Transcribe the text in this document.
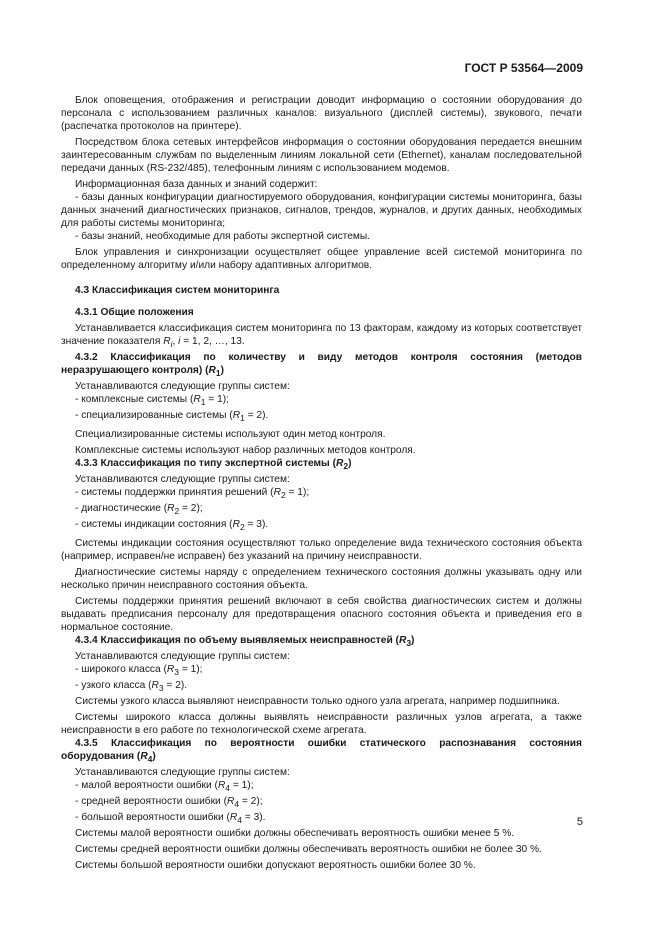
ГОСТ Р 53564—2009

Блок оповещения, отображения и регистрации доводит информацию о состоянии оборудования до персонала с использованием различных каналов: визуального (дисплей системы), звукового, печати (распечатка протоколов на принтере).

Посредством блока сетевых интерфейсов информация о состоянии оборудования передается внешним заинтересованным службам по выделенным линиям локальной сети (Ethernet), каналам последовательной передачи данных (RS-232/485), телефонным линиям с использованием модемов.

Информационная база данных и знаний содержит:

- базы данных конфигурации диагностируемого оборудования, конфигурации системы мониторинга, базы данных значений диагностических признаков, сигналов, трендов, журналов, и других данных, необходимых для работы системы мониторинга;

- базы знаний, необходимые для работы экспертной системы.

Блок управления и синхронизации осуществляет общее управление всей системой мониторинга по определенному алгоритму и/или набору адаптивных алгоритмов.

4.3 Классификация систем мониторинга

4.3.1 Общие положения

Устанавливается классификация систем мониторинга по 13 факторам, каждому из которых соответствует значение показателя $R_i$, i = 1, 2, …, 13.

4.3.2 Классификация по количеству и виду методов контроля состояния (методов неразрушающего контроля) $(R_1)$

Устанавливаются следующие группы систем:

- комплексные системы $(R_1 = 1)$;

- специализированные системы $(R_1 = 2)$.

Специализированные системы используют один метод контроля.

Комплексные системы используют набор различных методов контроля.

4.3.3 Классификация по типу экспертной системы $(R_2)$

Устанавливаются следующие группы систем:

- системы поддержки принятия решений $(R_2 = 1)$;

- диагностические $(R_2 = 2)$;

- системы индикации состояния $(R_2 = 3)$.

Системы индикации состояния осуществляют только определение вида технического состояния объекта (например, исправен/не исправен) без указаний на причину неисправности.

Диагностические системы наряду с определением технического состояния должны указывать одну или несколько причин неисправного состояния объекта.

Системы поддержки принятия решений включают в себя свойства диагностических систем и должны выдавать предписания персоналу для предотвращения опасного состояния объекта и приведения его в нормальное состояние.

4.3.4 Классификация по объему выявляемых неисправностей $(R_3)$

Устанавливаются следующие группы систем:

- широкого класса $(R_3 = 1)$;

- узкого класса $(R_3 = 2)$.

Системы узкого класса выявляют неисправности только одного узла агрегата, например подшипника.

Системы широкого класса должны выявлять неисправности различных узлов агрегата, а также неисправности в его работе по технологической схеме агрегата.

4.3.5 Классификация по вероятности ошибки статического распознавания состояния оборудования $(R_4)$

Устанавливаются следующие группы систем:

- малой вероятности ошибки $(R_4 = 1)$;

- средней вероятности ошибки $(R_4 = 2)$;

- большой вероятности ошибки $(R_4 = 3)$.

Системы малой вероятности ошибки должны обеспечивать вероятность ошибки менее 5 %.

Системы средней вероятности ошибки должны обеспечивать вероятность ошибки не более 30 %.

Системы большой вероятности ошибки допускают вероятность ошибки более 30 %.

5
